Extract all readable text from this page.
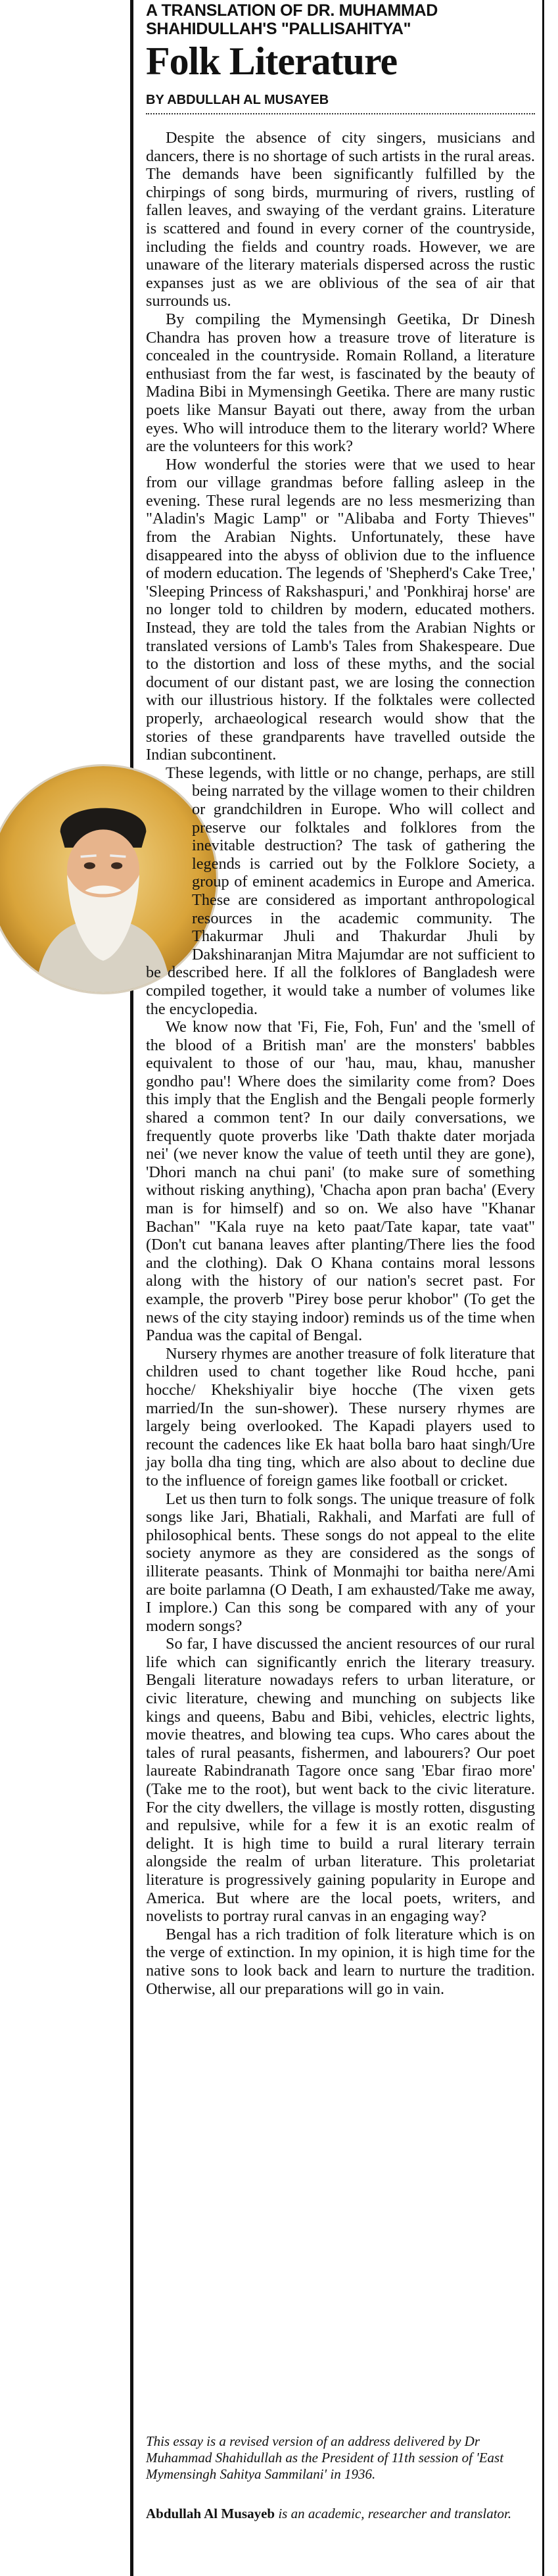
A TRANSLATION OF DR. MUHAMMAD SHAHIDULLAH'S "PALLISAHITYA"
Folk Literature
BY ABDULLAH AL MUSAYEB

Despite the absence of city singers, musicians and dancers, there is no shortage of such artists in the rural areas. The demands have been significantly fulfilled by the chirpings of song birds, murmuring of rivers, rustling of fallen leaves, and swaying of the verdant grains. Literature is scattered and found in every corner of the countryside, including the fields and country roads. However, we are unaware of the literary materials dispersed across the rustic expanses just as we are oblivious of the sea of air that surrounds us.

By compiling the Mymensingh Geetika, Dr Dinesh Chandra has proven how a treasure trove of literature is concealed in the countryside. Romain Rolland, a literature enthusiast from the far west, is fascinated by the beauty of Madina Bibi in Mymensingh Geetika. There are many rustic poets like Mansur Bayati out there, away from the urban eyes. Who will introduce them to the literary world? Where are the volunteers for this work?

How wonderful the stories were that we used to hear from our village grandmas before falling asleep in the evening. These rural legends are no less mesmerizing than "Aladin's Magic Lamp" or "Alibaba and Forty Thieves" from the Arabian Nights. Unfortunately, these have disappeared into the abyss of oblivion due to the influence of modern education. The legends of 'Shepherd's Cake Tree,' 'Sleeping Princess of Rakshaspuri,' and 'Ponkhiraj horse' are no longer told to children by modern, educated mothers. Instead, they are told the tales from the Arabian Nights or translated versions of Lamb's Tales from Shakespeare. Due to the distortion and loss of these myths, and the social document of our distant past, we are losing the connection with our illustrious history. If the folktales were collected properly, archaeological research would show that the stories of these grandparents have travelled outside the Indian subcontinent.

These legends, with little or no change, perhaps, are still being narrated by the village women to their children or grandchildren in Europe. Who will collect and preserve our folktales and folklores from the inevitable destruction? The task of gathering the legends is carried out by the Folklore Society, a group of eminent academics in Europe and America. These are considered as important anthropological resources in the academic community. The Thakurmar Jhuli and Thakurdar Jhuli by Dakshinaranjan Mitra Majumdar are not sufficient to be described here. If all the folklores of Bangladesh were compiled together, it would take a number of volumes like the encyclopedia.

We know now that 'Fi, Fie, Foh, Fun' and the 'smell of the blood of a British man' are the monsters' babbles equivalent to those of our 'hau, mau, khau, manusher gondho pau'! Where does the similarity come from? Does this imply that the English and the Bengali people formerly shared a common tent? In our daily conversations, we frequently quote proverbs like 'Dath thakte dater morjada nei' (we never know the value of teeth until they are gone), 'Dhori manch na chui pani' (to make sure of something without risking anything), 'Chacha apon pran bacha' (Every man is for himself) and so on. We also have "Khanar Bachan" "Kala ruye na keto paat/Tate kapar, tate vaat" (Don't cut banana leaves after planting/There lies the food and the clothing). Dak O Khana contains moral lessons along with the history of our nation's secret past. For example, the proverb "Pirey bose perur khobor" (To get the news of the city staying indoor) reminds us of the time when Pandua was the capital of Bengal.

Nursery rhymes are another treasure of folk literature that children used to chant together like Roud hcche, pani hocche/ Khekshiyalir biye hocche (The vixen gets married/In the sun-shower). These nursery rhymes are largely being overlooked. The Kapadi players used to recount the cadences like Ek haat bolla baro haat singh/Ure jay bolla dha ting ting, which are also about to decline due to the influence of foreign games like football or cricket.

Let us then turn to folk songs. The unique treasure of folk songs like Jari, Bhatiali, Rakhali, and Marfati are full of philosophical bents. These songs do not appeal to the elite society anymore as they are considered as the songs of illiterate peasants. Think of Monmajhi tor baitha nere/Ami are boite parlamna (O Death, I am exhausted/Take me away, I implore.) Can this song be compared with any of your modern songs?

So far, I have discussed the ancient resources of our rural life which can significantly enrich the literary treasury. Bengali literature nowadays refers to urban literature, or civic literature, chewing and munching on subjects like kings and queens, Babu and Bibi, vehicles, electric lights, movie theatres, and blowing tea cups. Who cares about the tales of rural peasants, fishermen, and labourers? Our poet laureate Rabindranath Tagore once sang 'Ebar firao more' (Take me to the root), but went back to the civic literature. For the city dwellers, the village is mostly rotten, disgusting and repulsive, while for a few it is an exotic realm of delight. It is high time to build a rural literary terrain alongside the realm of urban literature. This proletariat literature is progressively gaining popularity in Europe and America. But where are the local poets, writers, and novelists to portray rural canvas in an engaging way?

Bengal has a rich tradition of folk literature which is on the verge of extinction. In my opinion, it is high time for the native sons to look back and learn to nurture the tradition. Otherwise, all our preparations will go in vain.

This essay is a revised version of an address delivered by Dr Muhammad Shahidullah as the President of 11th session of 'East Mymensingh Sahitya Sammilani' in 1936.
Abdullah Al Musayeb is an academic, researcher and translator.
